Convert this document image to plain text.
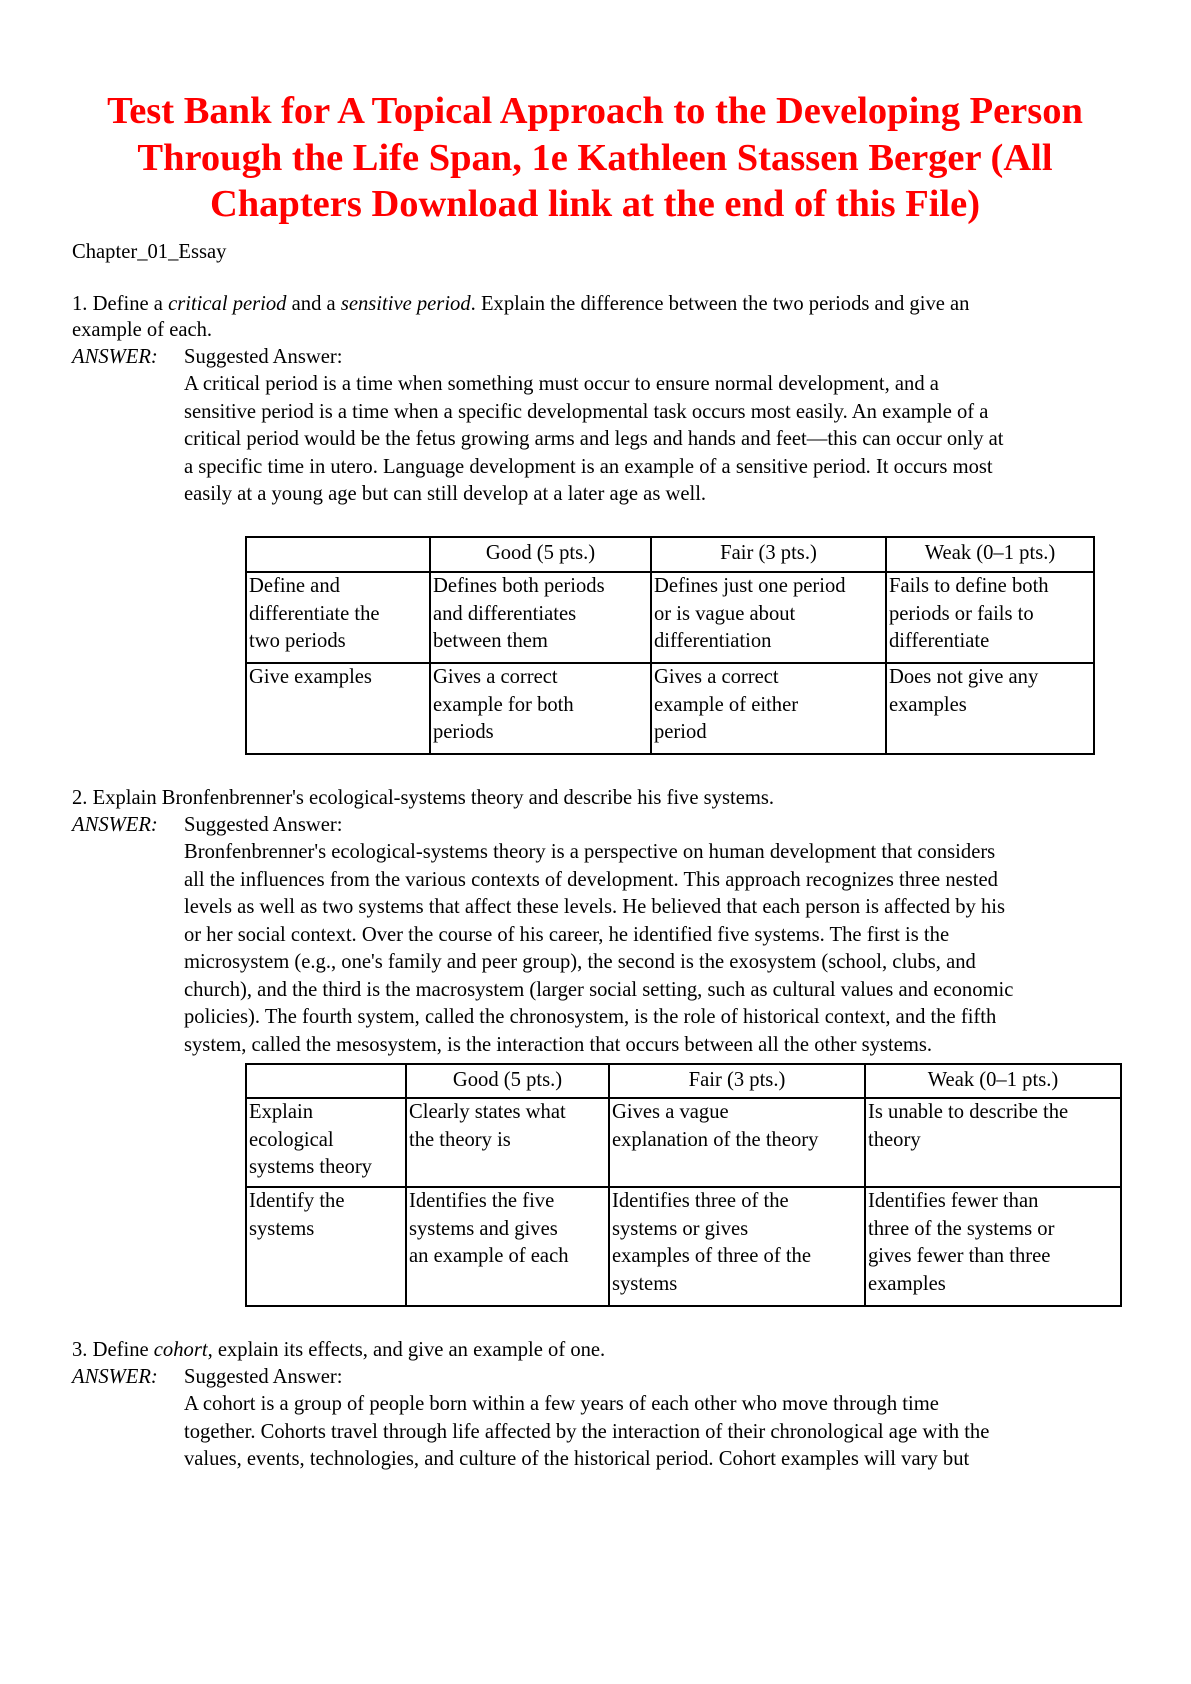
Test Bank for A Topical Approach to the Developing Person
Through the Life Span, 1e Kathleen Stassen Berger (All
Chapters Download link at the end of this File)

Chapter_01_Essay

1. Define a critical period and a sensitive period. Explain the difference between the two periods and give an

example of each.

ANSWER: Suggested Answer:

A critical period is a time when something must occur to ensure normal development, and a
sensitive period is a time when a specific developmental task occurs most easily. An example of a
critical period would be the fetus growing arms and legs and hands and feet—this can occur only at
a specific time in utero. Language development is an example of a sensitive period. It occurs most
easily at a young age but can still develop at a later age as well.
	Good (5 pts.)	Fair (3 pts.)	Weak (0–1 pts.)

Define and
differentiate the
two periods	Defines both periods
and differentiates
between them	Defines just one period
or is vague about
differentiation	Fails to define both
periods or fails to
differentiate

Give examples	Gives a correct
example for both
periods	Gives a correct
example of either
period	Does not give any
examples

2. Explain Bronfenbrenner's ecological-systems theory and describe his five systems.

ANSWER: Suggested Answer:

Bronfenbrenner's ecological-systems theory is a perspective on human development that considers
all the influences from the various contexts of development. This approach recognizes three nested
levels as well as two systems that affect these levels. He believed that each person is affected by his
or her social context. Over the course of his career, he identified five systems. The first is the
microsystem (e.g., one's family and peer group), the second is the exosystem (school, clubs, and
church), and the third is the macrosystem (larger social setting, such as cultural values and economic
policies). The fourth system, called the chronosystem, is the role of historical context, and the fifth
system, called the mesosystem, is the interaction that occurs between all the other systems.
	Good (5 pts.)	Fair (3 pts.)	Weak (0–1 pts.)

Explain
ecological
systems theory	Clearly states what
the theory is	Gives a vague
explanation of the theory	Is unable to describe the
theory

Identify the
systems	Identifies the five
systems and gives
an example of each	Identifies three of the
systems or gives
examples of three of the
systems	Identifies fewer than
three of the systems or
gives fewer than three
examples

3. Define cohort, explain its effects, and give an example of one.

ANSWER: Suggested Answer:

A cohort is a group of people born within a few years of each other who move through time
together. Cohorts travel through life affected by the interaction of their chronological age with the
values, events, technologies, and culture of the historical period. Cohort examples will vary but
